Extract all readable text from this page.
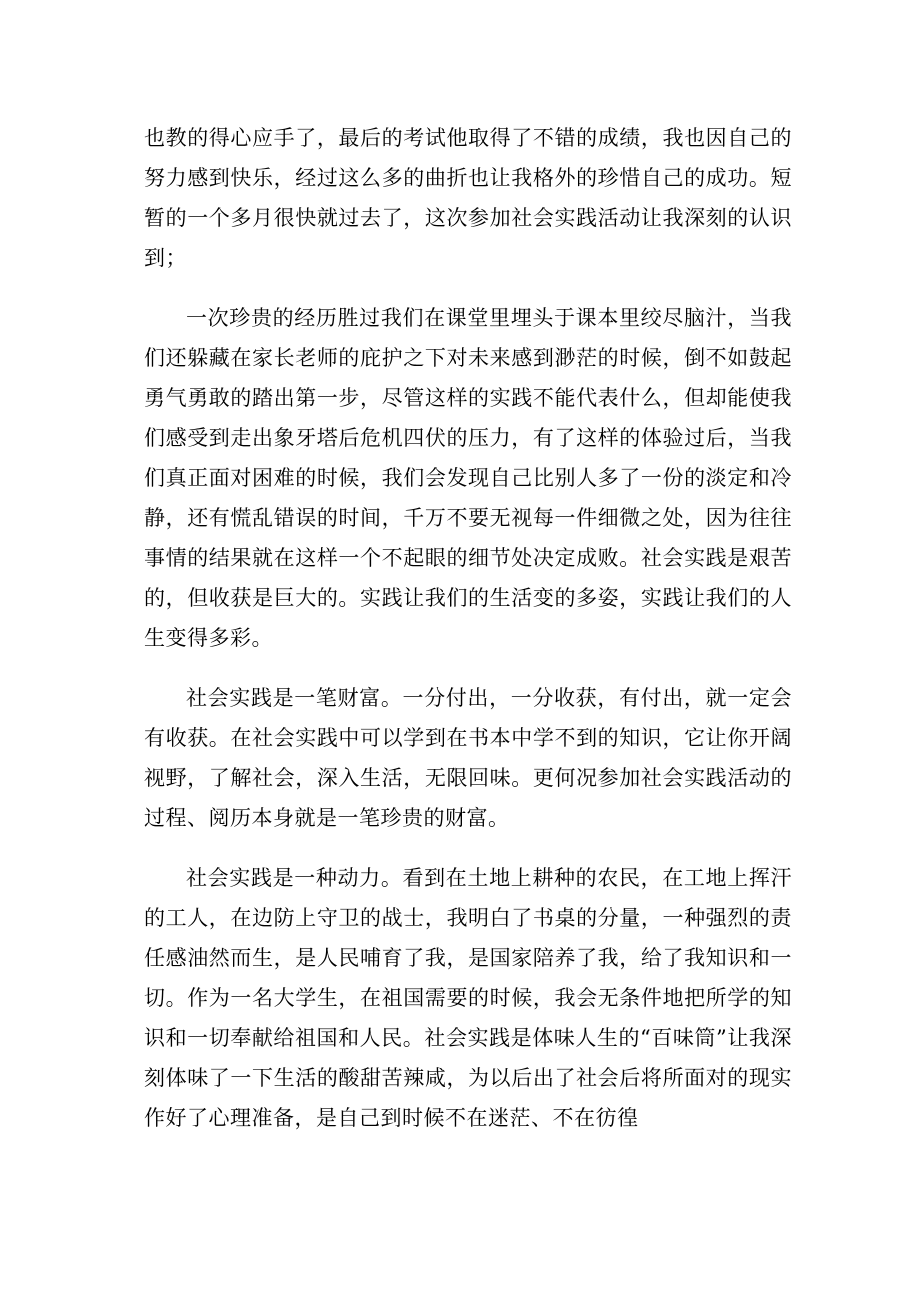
也教的得心应手了，最后的考试他取得了不错的成绩，我也因自己的努力感到快乐，经过这么多的曲折也让我格外的珍惜自己的成功。短暂的一个多月很快就过去了，这次参加社会实践活动让我深刻的认识到；

一次珍贵的经历胜过我们在课堂里埋头于课本里绞尽脑汁，当我们还躲藏在家长老师的庇护之下对未来感到渺茫的时候，倒不如鼓起勇气勇敢的踏出第一步，尽管这样的实践不能代表什么，但却能使我们感受到走出象牙塔后危机四伏的压力，有了这样的体验过后，当我们真正面对困难的时候，我们会发现自己比别人多了一份的淡定和冷静，还有慌乱错误的时间，千万不要无视每一件细微之处，因为往往事情的结果就在这样一个不起眼的细节处决定成败。社会实践是艰苦的，但收获是巨大的。实践让我们的生活变的多姿，实践让我们的人生变得多彩。

社会实践是一笔财富。一分付出，一分收获，有付出，就一定会有收获。在社会实践中可以学到在书本中学不到的知识，它让你开阔视野，了解社会，深入生活，无限回味。更何况参加社会实践活动的过程、阅历本身就是一笔珍贵的财富。

社会实践是一种动力。看到在土地上耕种的农民，在工地上挥汗的工人，在边防上守卫的战士，我明白了书桌的分量，一种强烈的责任感油然而生，是人民哺育了我，是国家陪养了我，给了我知识和一切。作为一名大学生，在祖国需要的时候，我会无条件地把所学的知识和一切奉献给祖国和人民。社会实践是体味人生的“百味筒”让我深刻体味了一下生活的酸甜苦辣咸，为以后出了社会后将所面对的现实作好了心理准备，是自己到时候不在迷茫、不在彷徨
